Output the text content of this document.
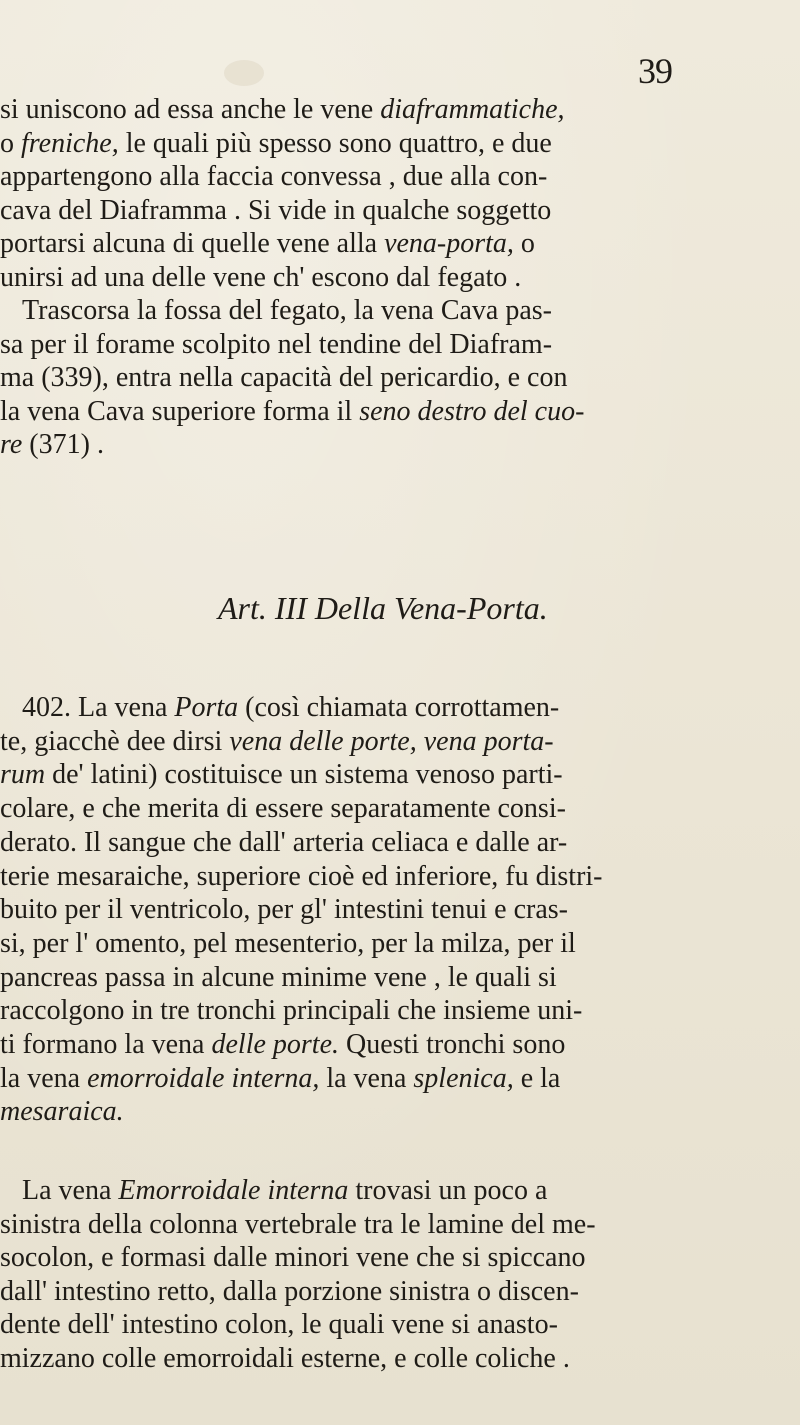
39
Art. III Della Vena-Porta.
si uniscono ad essa anche le vene diaframmatiche,
o freniche, le quali più spesso sono quattro, e due
appartengono alla faccia convessa , due alla con-
cava del Diaframma . Si vide in qualche soggetto
portarsi alcuna di quelle vene alla vena-porta, o
unirsi ad una delle vene ch' escono dal fegato .
Trascorsa la fossa del fegato, la vena Cava pas-
sa per il forame scolpito nel tendine del Diafram-
ma (339), entra nella capacità del pericardio, e con
la vena Cava superiore forma il seno destro del cuo-
re (371) .
402. La vena Porta (così chiamata corrottamen-
te, giacchè dee dirsi vena delle porte, vena porta-
rum de' latini) costituisce un sistema venoso parti-
colare, e che merita di essere separatamente consi-
derato. Il sangue che dall' arteria celiaca e dalle ar-
terie mesaraiche, superiore cioè ed inferiore, fu distri-
buito per il ventricolo, per gl' intestini tenui e cras-
si, per l' omento, pel mesenterio, per la milza, per il
pancreas passa in alcune minime vene , le quali si
raccolgono in tre tronchi principali che insieme uni-
ti formano la vena delle porte. Questi tronchi sono
la vena emorroidale interna, la vena splenica, e la
mesaraica.
La vena Emorroidale interna trovasi un poco a
sinistra della colonna vertebrale tra le lamine del me-
socolon, e formasi dalle minori vene che si spiccano
dall' intestino retto, dalla porzione sinistra o discen-
dente dell' intestino colon, le quali vene si anasto-
mizzano colle emorroidali esterne, e colle coliche .
